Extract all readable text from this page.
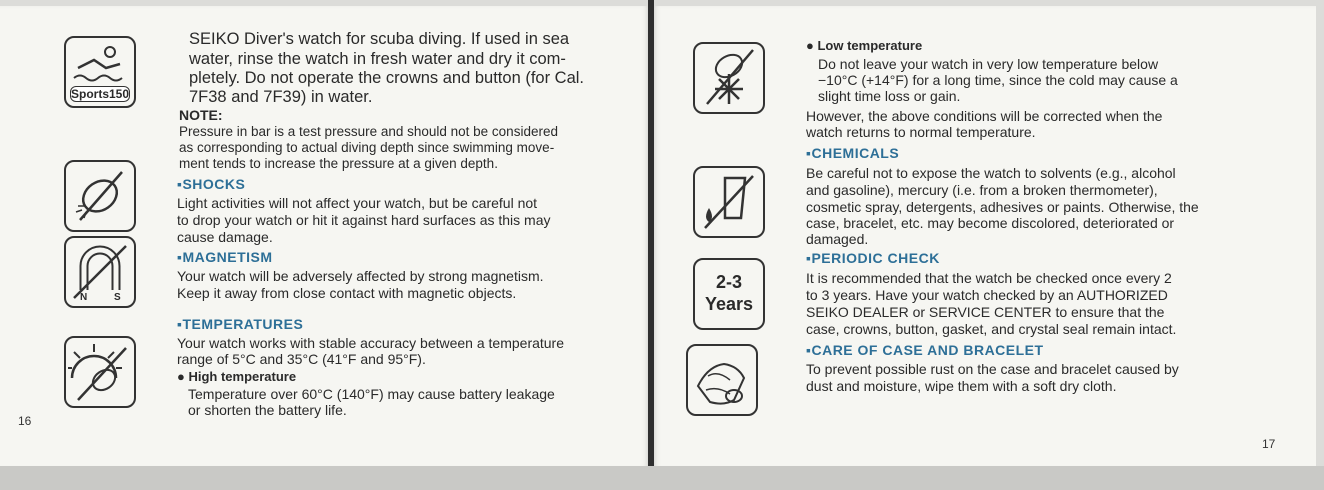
Sports150
N	S
SEIKO Diver's watch for scuba diving. If used in sea
water, rinse the watch in fresh water and dry it com-
pletely. Do not operate the crowns and button (for Cal.
7F38 and 7F39) in water.
NOTE:
Pressure in bar is a test pressure and should not be considered
as corresponding to actual diving depth since swimming move-
ment tends to increase the pressure at a given depth.
▪SHOCKS
Light activities will not affect your watch, but be careful not
to drop your watch or hit it against hard surfaces as this may
cause damage.
▪MAGNETISM
Your watch will be adversely affected by strong magnetism.
Keep it away from close contact with magnetic objects.
▪TEMPERATURES
Your watch works with stable accuracy between a temperature
range of 5°C and 35°C (41°F and 95°F).
● High temperature
Temperature over 60°C (140°F) may cause battery leakage
or shorten the battery life.
16
2-3
Years
● Low temperature
Do not leave your watch in very low temperature below
−10°C (+14°F) for a long time, since the cold may cause a
slight time loss or gain.
However, the above conditions will be corrected when the
watch returns to normal temperature.
▪CHEMICALS
Be careful not to expose the watch to solvents (e.g., alcohol
and gasoline), mercury (i.e. from a broken thermometer),
cosmetic spray, detergents, adhesives or paints. Otherwise, the
case, bracelet, etc. may become discolored, deteriorated or
damaged.
▪PERIODIC CHECK
It is recommended that the watch be checked once every 2
to 3 years. Have your watch checked by an AUTHORIZED
SEIKO DEALER or SERVICE CENTER to ensure that the
case, crowns, button, gasket, and crystal seal remain intact.
▪CARE OF CASE AND BRACELET
To prevent possible rust on the case and bracelet caused by
dust and moisture, wipe them with a soft dry cloth.
17
